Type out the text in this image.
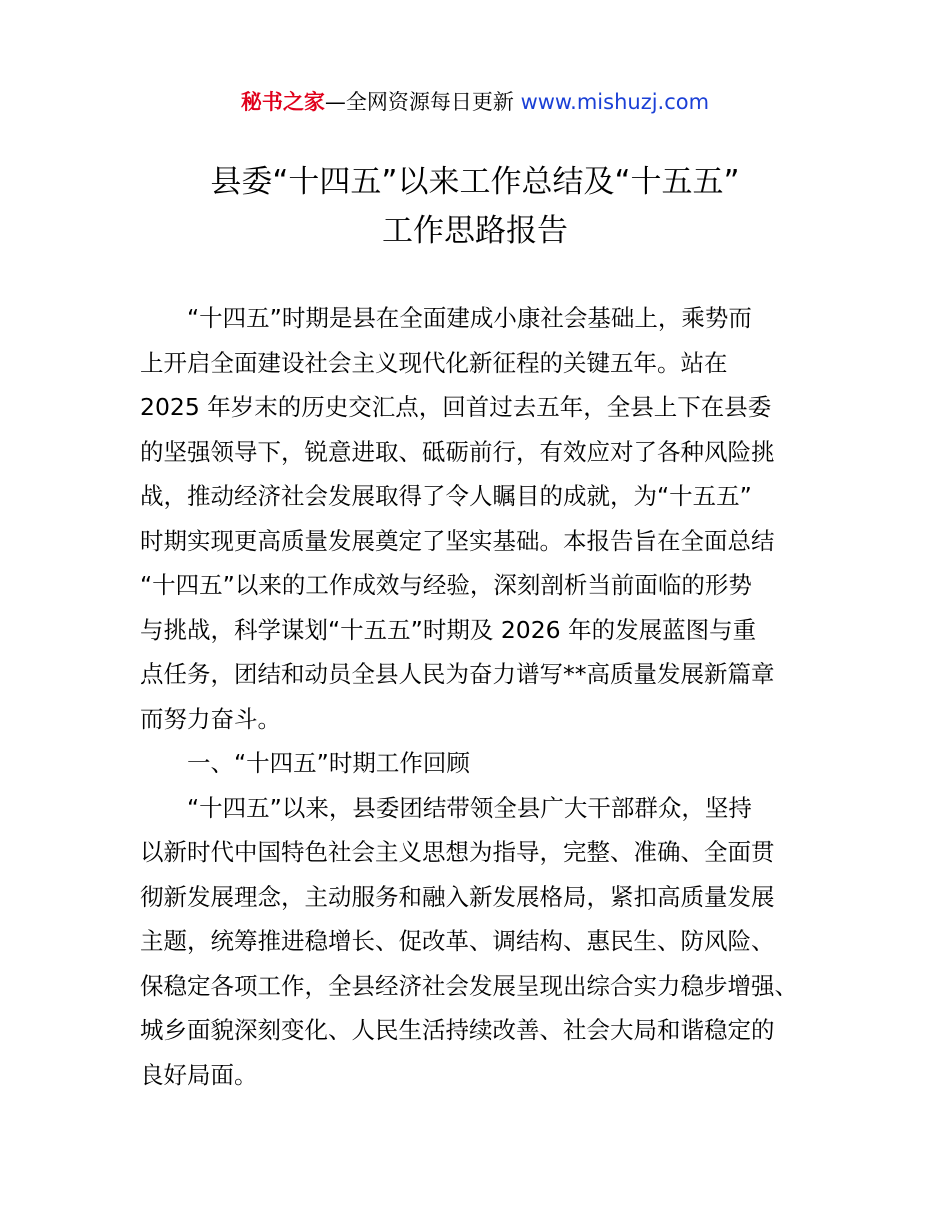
秘书之家—全网资源每日更新 www.mishuzj.com
县委“十四五”以来工作总结及“十五五”
工作思路报告

“十四五”时期是县在全面建成小康社会基础上，乘势而
上开启全面建设社会主义现代化新征程的关键五年。站在
2025 年岁末的历史交汇点，回首过去五年，全县上下在县委
的坚强领导下，锐意进取、砥砺前行，有效应对了各种风险挑
战，推动经济社会发展取得了令人瞩目的成就，为“十五五”
时期实现更高质量发展奠定了坚实基础。本报告旨在全面总结
“十四五”以来的工作成效与经验，深刻剖析当前面临的形势
与挑战，科学谋划“十五五”时期及 2026 年的发展蓝图与重
点任务，团结和动员全县人民为奋力谱写**高质量发展新篇章
而努力奋斗。

一、“十四五”时期工作回顾

“十四五”以来，县委团结带领全县广大干部群众，坚持
以新时代中国特色社会主义思想为指导，完整、准确、全面贯
彻新发展理念，主动服务和融入新发展格局，紧扣高质量发展
主题，统筹推进稳增长、促改革、调结构、惠民生、防风险、
保稳定各项工作，全县经济社会发展呈现出综合实力稳步增强、
城乡面貌深刻变化、人民生活持续改善、社会大局和谐稳定的
良好局面。
